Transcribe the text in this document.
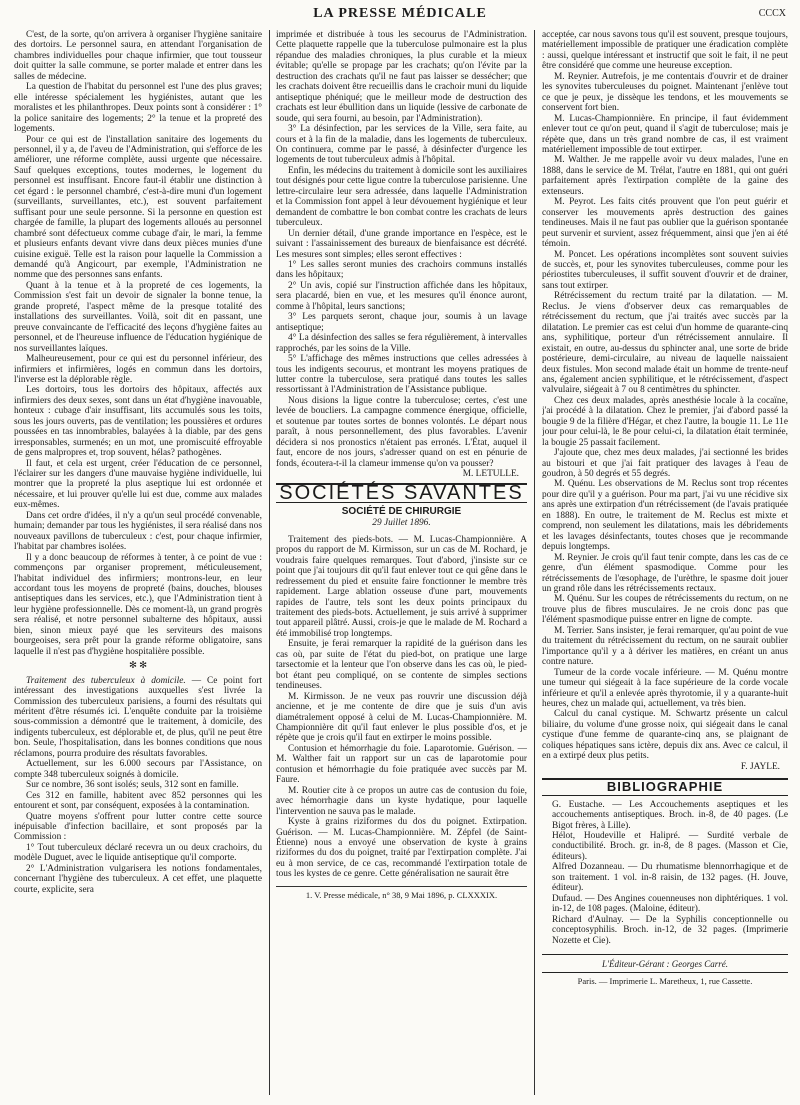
LA PRESSE MÉDICALE	CCCX

C'est, de la sorte, qu'on arrivera à organiser l'hygiène sanitaire des dortoirs. Le personnel saura, en attendant l'organisation de chambres individuelles pour chaque infirmier, que tout tousseur doit quitter la salle commune, se porter malade et entrer dans les salles de médecine.

La question de l'habitat du personnel est l'une des plus graves; elle intéresse spécialement les hygiénistes, autant que les moralistes et les philanthropes. Deux points sont à considérer : 1° la police sanitaire des logements; 2° la tenue et la propreté des logements.

Pour ce qui est de l'installation sanitaire des logements du personnel, il y a, de l'aveu de l'Administration, qui s'efforce de les améliorer, une réforme complète, aussi urgente que nécessaire. Sauf quelques exceptions, toutes modernes, le logement du personnel est insuffisant. Encore faut-il établir une distinction à cet égard : le personnel chambré, c'est-à-dire muni d'un logement (surveillants, surveillantes, etc.), est souvent parfaitement suffisant pour une seule personne. Si la personne en question est chargée de famille, la plupart des logements alloués au personnel chambré sont défectueux comme cubage d'air, le mari, la femme et plusieurs enfants devant vivre dans deux pièces munies d'une cuisine exiguë. Telle est la raison pour laquelle la Commission a demandé qu'à Angicourt, par exemple, l'Administration ne nomme que des personnes sans enfants.

Quant à la tenue et à la propreté de ces logements, la Commission s'est fait un devoir de signaler la bonne tenue, la grande propreté, l'aspect même de la presque totalité des installations des surveillantes. Voilà, soit dit en passant, une preuve convaincante de l'efficacité des leçons d'hygiène faites au personnel, et de l'heureuse influence de l'éducation hygiénique de nos surveillantes laïques.

Malheureusement, pour ce qui est du personnel inférieur, des infirmiers et infirmières, logés en commun dans les dortoirs, l'inverse est la déplorable règle.

Les dortoirs, tous les dortoirs des hôpitaux, affectés aux infirmiers des deux sexes, sont dans un état d'hygiène inavouable, honteux : cubage d'air insuffisant, lits accumulés sous les toits, sous les jours ouverts, pas de ventilation; les poussières et ordures poussées en tas innombrables, balayées à la diable, par des gens irresponsables, surmenés; en un mot, une promiscuité effroyable de gens malpropres et, trop souvent, hélas? pathogènes.

Il faut, et cela est urgent, créer l'éducation de ce personnel, l'éclairer sur les dangers d'une mauvaise hygiène individuelle, lui montrer que la propreté la plus aseptique lui est ordonnée et nécessaire, et lui prouver qu'elle lui est due, comme aux malades eux-mêmes.

Dans cet ordre d'idées, il n'y a qu'un seul procédé convenable, humain; demander par tous les hygiénistes, il sera réalisé dans nos nouveaux pavillons de tuberculeux : c'est, pour chaque infirmier, l'habitat par chambres isolées.

Il y a donc beaucoup de réformes à tenter, à ce point de vue : commençons par organiser proprement, méticuleusement, l'habitat individuel des infirmiers; montrons-leur, en leur accordant tous les moyens de propreté (bains, douches, blouses antiseptiques dans les services, etc.), que l'Administration tient à leur hygiène professionnelle. Dès ce moment-là, un grand progrès sera réalisé, et notre personnel subalterne des hôpitaux, aussi bien, sinon mieux payé que les serviteurs des maisons bourgeoises, sera prêt pour la grande réforme obligatoire, sans laquelle il n'est pas d'hygiène hospitalière possible.

✻ ✻

Traitement des tuberculeux à domicile. — Ce point fort intéressant des investigations auxquelles s'est livrée la Commission des tuberculeux parisiens, a fourni des résultats qui méritent d'être résumés ici. L'enquête conduite par la troisième sous-commission a démontré que le traitement, à domicile, des indigents tuberculeux, est déplorable et, de plus, qu'il ne peut être bon. Seule, l'hospitalisation, dans les bonnes conditions que nous réclamons, pourra produire des résultats favorables.

Actuellement, sur les 6.000 secours par l'Assistance, on compte 348 tuberculeux soignés à domicile.

Sur ce nombre, 36 sont isolés; seuls, 312 sont en famille.

Ces 312 en famille, habitent avec 852 personnes qui les entourent et sont, par conséquent, exposées à la contamination.

Quatre moyens s'offrent pour lutter contre cette source inépuisable d'infection bacillaire, et sont proposés par la Commission :

1° Tout tuberculeux déclaré recevra un ou deux crachoirs, du modèle Duguet, avec le liquide antiseptique qu'il comporte.

2° L'Administration vulgarisera les notions fondamentales, concernant l'hygiène des tuberculeux. A cet effet, une plaquette courte, explicite, sera

imprimée et distribuée à tous les secourus de l'Administration. Cette plaquette rappelle que la tuberculose pulmonaire est la plus répandue des maladies chroniques, la plus curable et la mieux évitable; qu'elle se propage par les crachats; qu'on l'évite par la destruction des crachats qu'il ne faut pas laisser se dessécher; que les crachats doivent être recueillis dans le crachoir muni du liquide antiseptique phéniqué; que le meilleur mode de destruction des crachats est leur ébullition dans un liquide (lessive de carbonate de soude, qui sera fourni, au besoin, par l'Administration).

3° La désinfection, par les services de la Ville, sera faite, au cours et à la fin de la maladie, dans les logements de tuberculeux. On continuera, comme par le passé, à désinfecter d'urgence les logements de tout tuberculeux admis à l'hôpital.

Enfin, les médecins du traitement à domicile sont les auxiliaires tout désignés pour cette ligue contre la tuberculose parisienne. Une lettre-circulaire leur sera adressée, dans laquelle l'Administration et la Commission font appel à leur dévouement hygiénique et leur demandent de combattre le bon combat contre les crachats de leurs tuberculeux.

Un dernier détail, d'une grande importance en l'espèce, est le suivant : l'assainissement des bureaux de bienfaisance est décrété. Les mesures sont simples; elles seront effectives :

1° Les salles seront munies des crachoirs communs installés dans les hôpitaux;

2° Un avis, copié sur l'instruction affichée dans les hôpitaux, sera placardé, bien en vue, et les mesures qu'il énonce auront, comme à l'hôpital, leurs sanctions;

3° Les parquets seront, chaque jour, soumis à un lavage antiseptique;

4° La désinfection des salles se fera régulièrement, à intervalles rapprochés, par les soins de la Ville.

5° L'affichage des mêmes instructions que celles adressées à tous les indigents secourus, et montrant les moyens pratiques de lutter contre la tuberculose, sera pratiqué dans toutes les salles ressortissant à l'Administration de l'Assistance publique.

Nous disions la ligue contre la tuberculose; certes, c'est une levée de boucliers. La campagne commence énergique, officielle, et soutenue par toutes sortes de bonnes volontés. Le départ nous paraît, à nous personnellement, des plus favorables. L'avenir décidera si nos pronostics n'étaient pas erronés. L'État, auquel il faut, encore de nos jours, s'adresser quand on est en pénurie de fonds, écoutera-t-il la clameur immense qu'on va pousser?

M. LETULLE.

SOCIÉTÉS SAVANTES
SOCIÉTÉ DE CHIRURGIE
29 Juillet 1896.

Traitement des pieds-bots. — M. Lucas-Championnière. A propos du rapport de M. Kirmisson, sur un cas de M. Rochard, je voudrais faire quelques remarques. Tout d'abord, j'insiste sur ce point que j'ai toujours dit qu'il faut enlever tout ce qui gêne dans le redressement du pied et ensuite faire fonctionner le membre très rapidement. Large ablation osseuse d'une part, mouvements rapides de l'autre, tels sont les deux points principaux du traitement des pieds-bots. Actuellement, je suis arrivé à supprimer tout appareil plâtré. Aussi, crois-je que le malade de M. Rochard a été immobilisé trop longtemps.

Ensuite, je ferai remarquer la rapidité de la guérison dans les cas où, par suite de l'état du pied-bot, on pratique une large tarsectomie et la lenteur que l'on observe dans les cas où, le pied-bot étant peu compliqué, on se contente de simples sections tendineuses.

M. Kirmisson. Je ne veux pas rouvrir une discussion déjà ancienne, et je me contente de dire que je suis d'un avis diamétralement opposé à celui de M. Lucas-Championnière. M. Championnière dit qu'il faut enlever le plus possible d'os, et je répète que je crois qu'il faut en extirper le moins possible.

Contusion et hémorrhagie du foie. Laparotomie. Guérison. — M. Walther fait un rapport sur un cas de laparotomie pour contusion et hémorrhagie du foie pratiquée avec succès par M. Faure.

M. Routier cite à ce propos un autre cas de contusion du foie, avec hémorrhagie dans un kyste hydatique, pour laquelle l'intervention ne sauva pas le malade.

Kyste à grains riziformes du dos du poignet. Extirpation. Guérison. — M. Lucas-Championnière. M. Zépfel (de Saint-Étienne) nous a envoyé une observation de kyste à grains riziformes du dos du poignet, traité par l'extirpation complète. J'ai eu à mon service, de ce cas, recommandé l'extirpation totale de tous les kystes de ce genre. Cette généralisation ne saurait être

1. V. Presse médicale, n° 38, 9 Mai 1896, p. CLXXXIX.

acceptée, car nous savons tous qu'il est souvent, presque toujours, matériellement impossible de pratiquer une éradication complète : aussi, quelque intéressant et instructif que soit le fait, il ne peut être considéré que comme une heureuse exception.

M. Reynier. Autrefois, je me contentais d'ouvrir et de drainer les synovites tuberculeuses du poignet. Maintenant j'enlève tout ce que je peux, je dissèque les tendons, et les mouvements se conservent fort bien.

M. Lucas-Championnière. En principe, il faut évidemment enlever tout ce qu'on peut, quand il s'agit de tuberculose; mais je répète que, dans un très grand nombre de cas, il est vraiment matériellement impossible de tout extirper.

M. Walther. Je me rappelle avoir vu deux malades, l'une en 1888, dans le service de M. Trélat, l'autre en 1881, qui ont guéri parfaitement après l'extirpation complète de la gaine des extenseurs.

M. Peyrot. Les faits cités prouvent que l'on peut guérir et conserver les mouvements après destruction des gaines tendineuses. Mais il ne faut pas oublier que la guérison spontanée peut survenir et survient, assez fréquemment, ainsi que j'en ai été témoin.

M. Poncet. Les opérations incomplètes sont souvent suivies de succès, et, pour les synovites tuberculeuses, comme pour les périostites tuberculeuses, il suffit souvent d'ouvrir et de drainer, sans tout extirper.

Rétrécissement du rectum traité par la dilatation. — M. Reclus. Je viens d'observer deux cas remarquables de rétrécissement du rectum, que j'ai traités avec succès par la dilatation. Le premier cas est celui d'un homme de quarante-cinq ans, syphilitique, porteur d'un rétrécissement annulaire. Il existait, en outre, au-dessus du sphincter anal, une sorte de bride postérieure, demi-circulaire, au niveau de laquelle naissaient deux fistules. Mon second malade était un homme de trente-neuf ans, également ancien syphilitique, et le rétrécissement, d'aspect valvulaire, siégeait à 7 ou 8 centimètres du sphincter.

Chez ces deux malades, après anesthésie locale à la cocaïne, j'ai procédé à la dilatation. Chez le premier, j'ai d'abord passé la bougie 9 de la filière d'Hégar, et chez l'autre, la bougie 11. Le 11e jour pour celui-là, le 8e pour celui-ci, la dilatation était terminée, la bougie 25 passait facilement.

J'ajoute que, chez mes deux malades, j'ai sectionné les brides au bistouri et que j'ai fait pratiquer des lavages à l'eau de goudron, à 50 degrés et 55 degrés.

M. Quénu. Les observations de M. Reclus sont trop récentes pour dire qu'il y a guérison. Pour ma part, j'ai vu une récidive six ans après une extirpation d'un rétrécissement (de l'avais pratiquée en 1888). En outre, le traitement de M. Reclus est mixte et comprend, non seulement les dilatations, mais les débridements et les lavages désinfectants, toutes choses que je recommande depuis longtemps.

M. Reynier. Je crois qu'il faut tenir compte, dans les cas de ce genre, d'un élément spasmodique. Comme pour les rétrécissements de l'œsophage, de l'urèthre, le spasme doit jouer un grand rôle dans les rétrécissements rectaux.

M. Quénu. Sur les coupes de rétrécissements du rectum, on ne trouve plus de fibres musculaires. Je ne crois donc pas que l'élément spasmodique puisse entrer en ligne de compte.

M. Terrier. Sans insister, je ferai remarquer, qu'au point de vue du traitement du rétrécissement du rectum, on ne saurait oublier l'importance qu'il y a à dériver les matières, en créant un anus contre nature.

Tumeur de la corde vocale inférieure. — M. Quénu montre une tumeur qui siégeait à la face supérieure de la corde vocale inférieure et qu'il a enlevée après thyrotomie, il y a quarante-huit heures, chez un malade qui, actuellement, va très bien.

Calcul du canal cystique. M. Schwartz présente un calcul biliaire, du volume d'une grosse noix, qui siégeait dans le canal cystique d'une femme de quarante-cinq ans, se plaignant de coliques hépatiques sans ictère, depuis dix ans. Avec ce calcul, il en a extirpé deux plus petits.

F. JAYLE.

BIBLIOGRAPHIE

G. Eustache. — Les Accouchements aseptiques et les accouchements antiseptiques. Broch. in-8, de 40 pages. (Le Bigot frères, à Lille).

Hélot, Houdeville et Halipré. — Surdité verbale de conductibilité. Broch. gr. in-8, de 8 pages. (Masson et Cie, éditeurs).

Alfred Dozanneau. — Du rhumatisme blennorrhagique et de son traitement. 1 vol. in-8 raisin, de 132 pages. (H. Jouve, éditeur).

Dufaud. — Des Angines couenneuses non diphtériques. 1 vol. in-12, de 108 pages. (Maloine, éditeur).

Richard d'Aulnay. — De la Syphilis conceptionnelle ou conceptosyphilis. Broch. in-12, de 32 pages. (Imprimerie Nozette et Cie).

L'Éditeur-Gérant : Georges Carré.

Paris. — Imprimerie L. Maretheux, 1, rue Cassette.
